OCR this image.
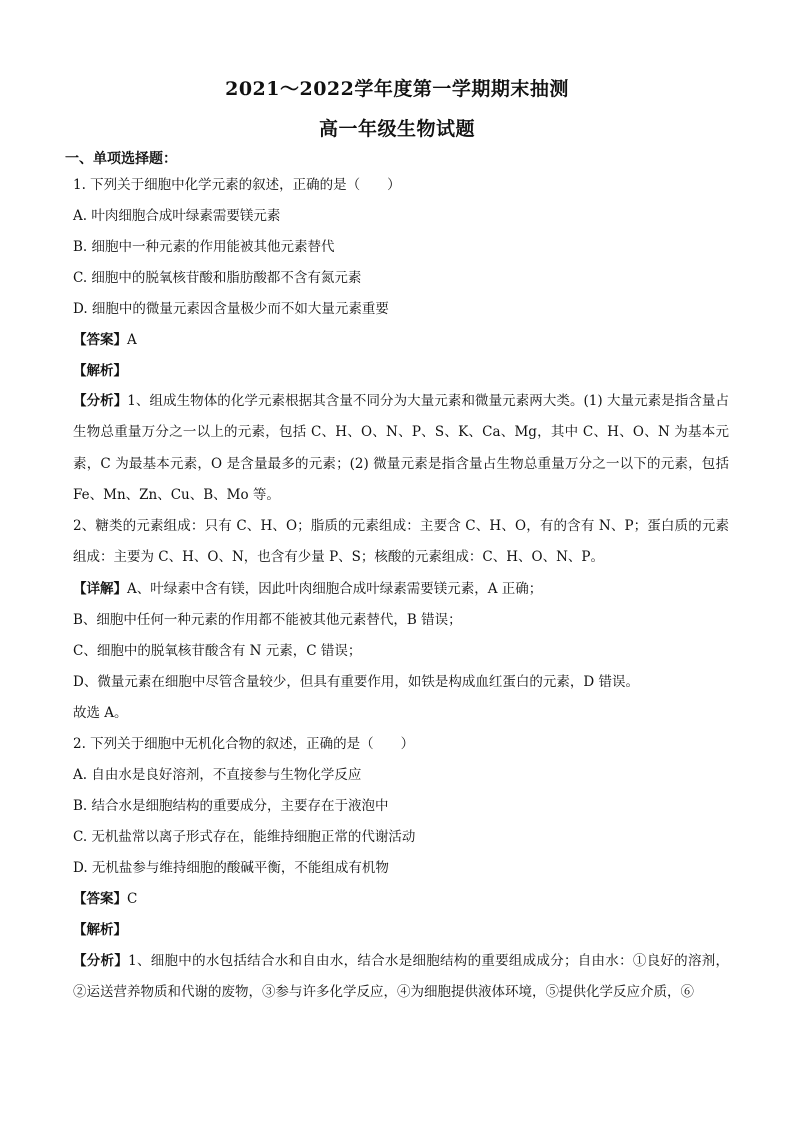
2021～2022学年度第一学期期末抽测
高一年级生物试题
一、单项选择题：
1. 下列关于细胞中化学元素的叙述，正确的是（　　）
A. 叶肉细胞合成叶绿素需要镁元素
B. 细胞中一种元素的作用能被其他元素替代
C. 细胞中的脱氧核苷酸和脂肪酸都不含有氮元素
D. 细胞中的微量元素因含量极少而不如大量元素重要
【答案】A
【解析】
【分析】1、组成生物体的化学元素根据其含量不同分为大量元素和微量元素两大类。(1) 大量元素是指含量占生物总重量万分之一以上的元素，包括 C、H、O、N、P、S、K、Ca、Mg，其中 C、H、O、N 为基本元素，C 为最基本元素，O 是含量最多的元素；(2) 微量元素是指含量占生物总重量万分之一以下的元素，包括 Fe、Mn、Zn、Cu、B、Mo 等。
2、糖类的元素组成：只有 C、H、O；脂质的元素组成：主要含 C、H、O，有的含有 N、P；蛋白质的元素组成：主要为 C、H、O、N，也含有少量 P、S；核酸的元素组成：C、H、O、N、P。
【详解】A、叶绿素中含有镁，因此叶肉细胞合成叶绿素需要镁元素，A 正确；
B、细胞中任何一种元素的作用都不能被其他元素替代，B 错误；
C、细胞中的脱氧核苷酸含有 N 元素，C 错误；
D、微量元素在细胞中尽管含量较少，但具有重要作用，如铁是构成血红蛋白的元素，D 错误。
故选 A。
2. 下列关于细胞中无机化合物的叙述，正确的是（　　）
A. 自由水是良好溶剂，不直接参与生物化学反应
B. 结合水是细胞结构的重要成分，主要存在于液泡中
C. 无机盐常以离子形式存在，能维持细胞正常的代谢活动
D. 无机盐参与维持细胞的酸碱平衡，不能组成有机物
【答案】C
【解析】
【分析】1、细胞中的水包括结合水和自由水，结合水是细胞结构的重要组成成分；自由水：①良好的溶剂，②运送营养物质和代谢的废物，③参与许多化学反应，④为细胞提供液体环境，⑤提供化学反应介质，⑥
